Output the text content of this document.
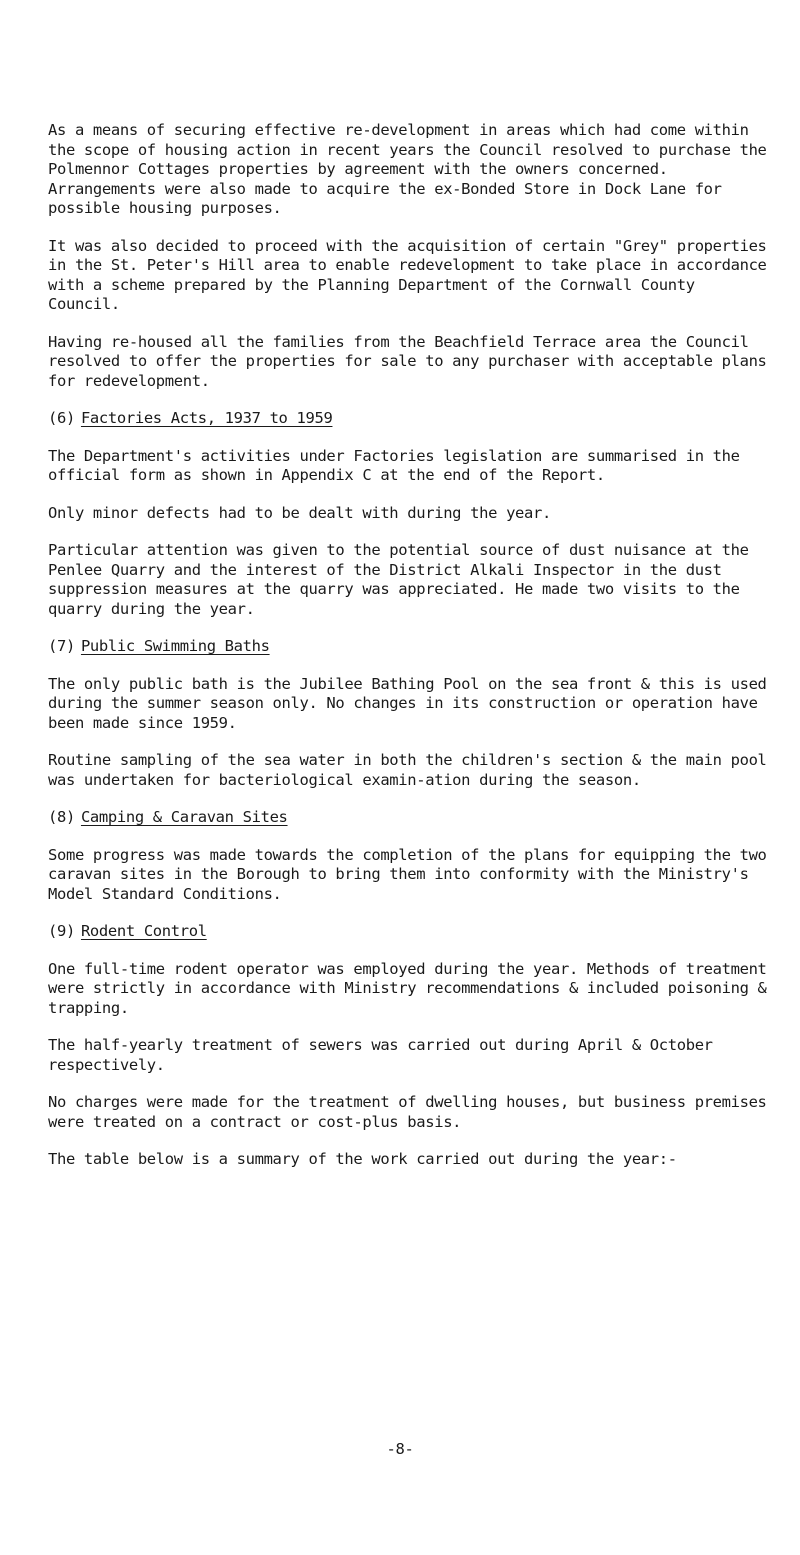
As a means of securing effective re-development in areas which had come within the scope of housing action in recent years the Council resolved to purchase the Polmennor Cottages properties by agreement with the owners concerned. Arrangements were also made to acquire the ex-Bonded Store in Dock Lane for possible housing purposes.

It was also decided to proceed with the acquisition of certain "Grey" properties in the St. Peter's Hill area to enable redevelopment to take place in accordance with a scheme prepared by the Planning Department of the Cornwall County Council.

Having re-housed all the families from the Beachfield Terrace area the Council resolved to offer the properties for sale to any purchaser with acceptable plans for redevelopment.

(6) Factories Acts, 1937 to 1959

The Department's activities under Factories legislation are summarised in the official form as shown in Appendix C at the end of the Report.

Only minor defects had to be dealt with during the year.

Particular attention was given to the potential source of dust nuisance at the Penlee Quarry and the interest of the District Alkali Inspector in the dust suppression measures at the quarry was appreciated. He made two visits to the quarry during the year.

(7) Public Swimming Baths

The only public bath is the Jubilee Bathing Pool on the sea front & this is used during the summer season only. No changes in its construction or operation have been made since 1959.

Routine sampling of the sea water in both the children's section & the main pool was undertaken for bacteriological examin-ation during the season.

(8) Camping & Caravan Sites

Some progress was made towards the completion of the plans for equipping the two caravan sites in the Borough to bring them into conformity with the Ministry's Model Standard Conditions.

(9) Rodent Control

One full-time rodent operator was employed during the year. Methods of treatment were strictly in accordance with Ministry recommendations & included poisoning & trapping.

The half-yearly treatment of sewers was carried out during April & October respectively.

No charges were made for the treatment of dwelling houses, but business premises were treated on a contract or cost-plus basis.

The table below is a summary of the work carried out during the year:-

-8-
